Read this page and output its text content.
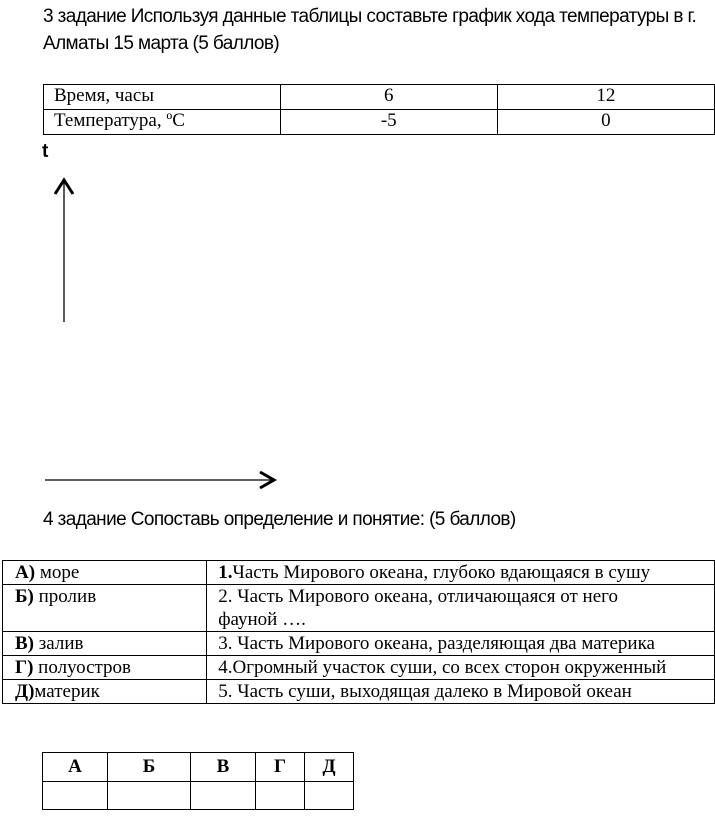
3 задание Используя данные таблицы составьте график хода температуры в г. Алматы 15 марта (5 баллов)
Время, часы	6	12
Температура, ºС	-5	0
t
4 задание Сопоставь определение и понятие: (5 баллов)
А) море	1.Часть Мирового океана, глубоко вдающаяся в сушу
Б) пролив	2. Часть Мирового океана, отличающаяся от него
фауной ….
В) залив	3. Часть Мирового океана, разделяющая два материка
Г) полуостров	4.Огромный участок суши, со всех сторон окруженный
Д)материк	5. Часть суши, выходящая далеко в Мировой океан
А	Б	В	Г	Д
